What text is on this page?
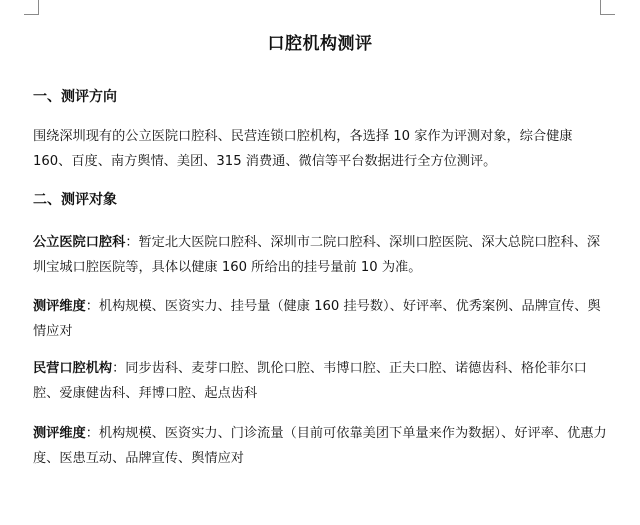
口腔机构测评
一、测评方向

围绕深圳现有的公立医院口腔科、民营连锁口腔机构，各选择 10 家作为评测对象，综合健康 160、百度、南方舆情、美团、315 消费通、微信等平台数据进行全方位测评。

二、测评对象

公立医院口腔科：暂定北大医院口腔科、深圳市二院口腔科、深圳口腔医院、深大总院口腔科、深圳宝城口腔医院等，具体以健康 160 所给出的挂号量前 10 为准。

测评维度：机构规模、医资实力、挂号量（健康 160 挂号数）、好评率、优秀案例、品牌宣传、舆情应对

民营口腔机构：同步齿科、麦芽口腔、凯伦口腔、韦博口腔、正夫口腔、诺德齿科、格伦菲尔口腔、爱康健齿科、拜博口腔、起点齿科

测评维度：机构规模、医资实力、门诊流量（目前可依靠美团下单量来作为数据）、好评率、优惠力度、医患互动、品牌宣传、舆情应对
